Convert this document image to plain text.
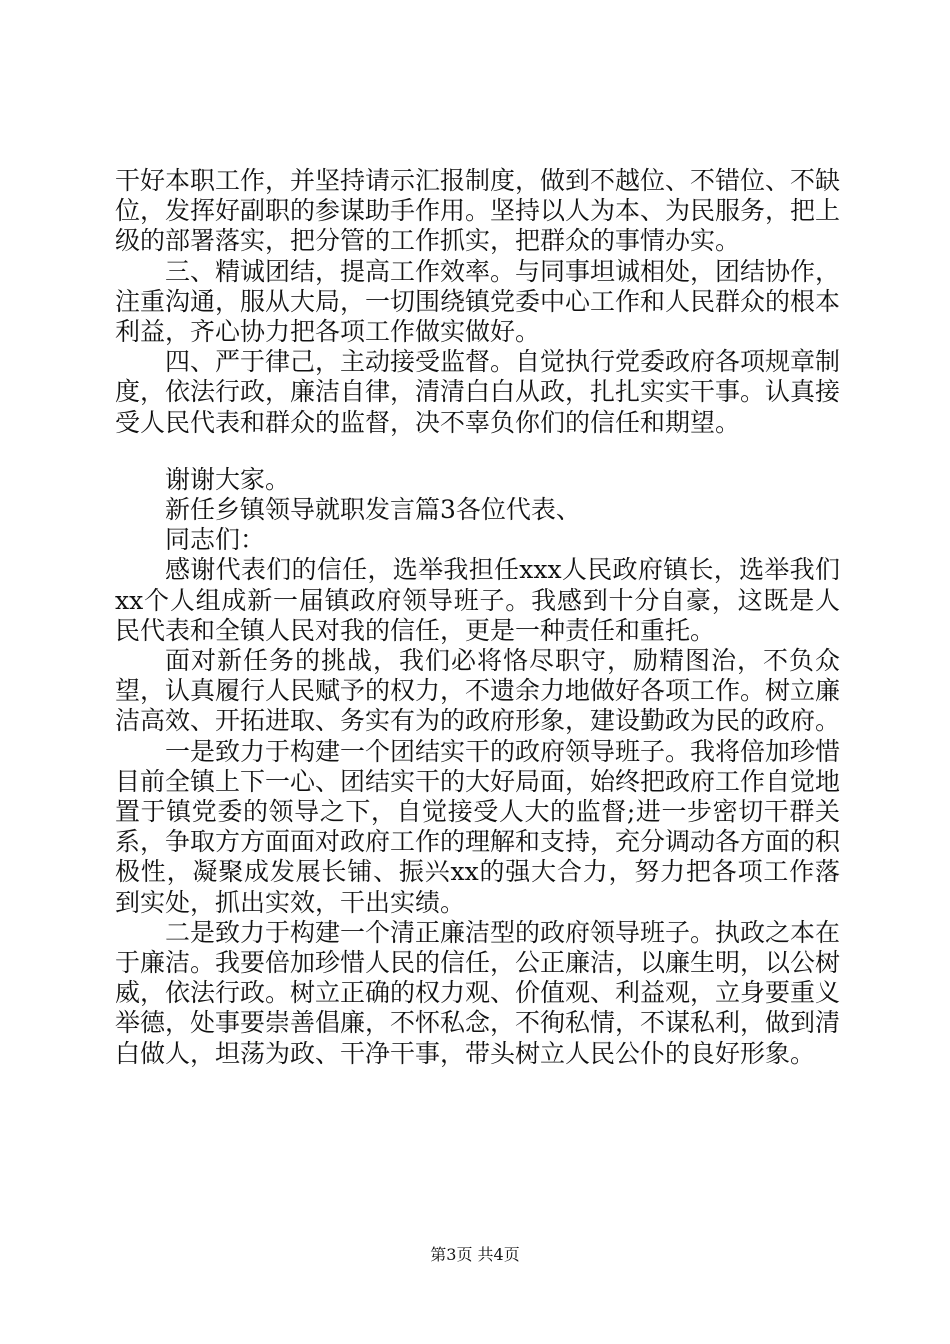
干好本职工作，并坚持请示汇报制度，做到不越位、不错位、不缺位，发挥好副职的参谋助手作用。坚持以人为本、为民服务，把上级的部署落实，把分管的工作抓实，把群众的事情办实。

三、精诚团结，提高工作效率。与同事坦诚相处，团结协作，注重沟通，服从大局，一切围绕镇党委中心工作和人民群众的根本利益，齐心协力把各项工作做实做好。

四、严于律己，主动接受监督。自觉执行党委政府各项规章制度，依法行政，廉洁自律，清清白白从政，扎扎实实干事。认真接受人民代表和群众的监督，决不辜负你们的信任和期望。

谢谢大家。

新任乡镇领导就职发言篇3各位代表、

同志们：

感谢代表们的信任，选举我担任xxx人民政府镇长，选举我们xx个人组成新一届镇政府领导班子。我感到十分自豪，这既是人民代表和全镇人民对我的信任，更是一种责任和重托。

面对新任务的挑战，我们必将恪尽职守，励精图治，不负众望，认真履行人民赋予的权力，不遗余力地做好各项工作。树立廉洁高效、开拓进取、务实有为的政府形象，建设勤政为民的政府。

一是致力于构建一个团结实干的政府领导班子。我将倍加珍惜目前全镇上下一心、团结实干的大好局面，始终把政府工作自觉地置于镇党委的领导之下，自觉接受人大的监督;进一步密切干群关系，争取方方面面对政府工作的理解和支持，充分调动各方面的积极性，凝聚成发展长铺、振兴xx的强大合力，努力把各项工作落到实处，抓出实效，干出实绩。

二是致力于构建一个清正廉洁型的政府领导班子。执政之本在于廉洁。我要倍加珍惜人民的信任，公正廉洁，以廉生明，以公树威，依法行政。树立正确的权力观、价值观、利益观，立身要重义举德，处事要崇善倡廉，不怀私念，不徇私情，不谋私利，做到清白做人，坦荡为政、干净干事，带头树立人民公仆的良好形象。

第3页 共4页
